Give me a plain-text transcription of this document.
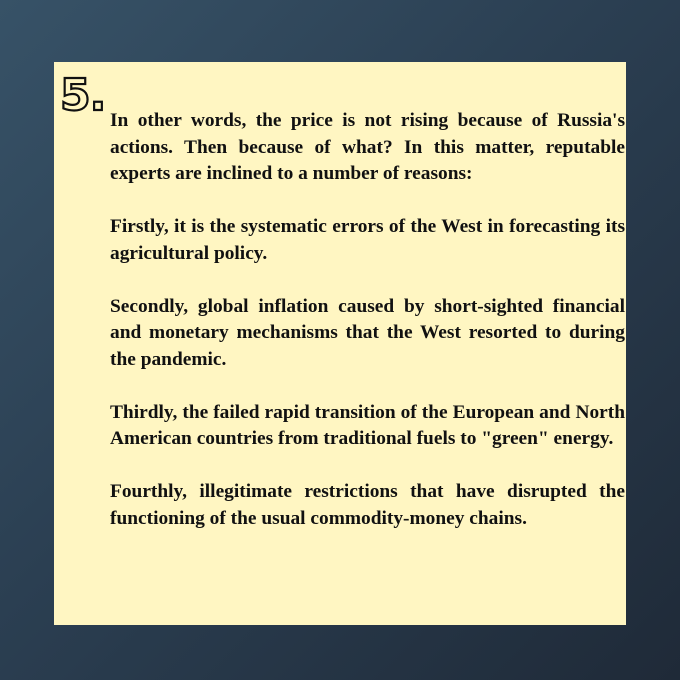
5. In other words, the price is not rising because of Russia's actions. Then because of what? In this matter, reputable experts are inclined to a number of reasons:

Firstly, it is the systematic errors of the West in forecasting its agricultural policy.

Secondly, global inflation caused by short-sighted financial and monetary mechanisms that the West resorted to during the pandemic.

Thirdly, the failed rapid transition of the European and North American countries from traditional fuels to "green" energy.

Fourthly, illegitimate restrictions that have disrupted the functioning of the usual commodity-money chains.
